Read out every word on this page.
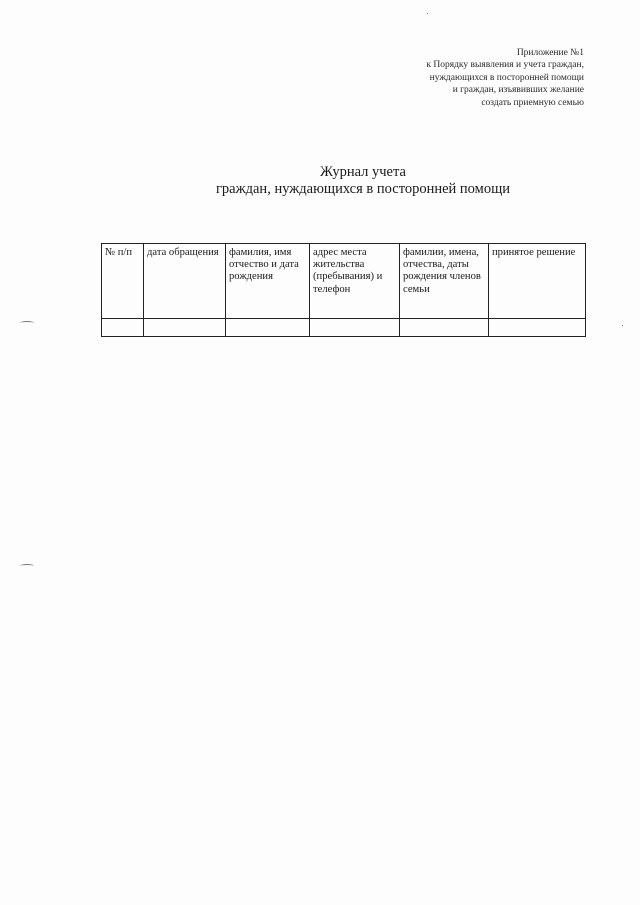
Приложение №1
к Порядку выявления и учета граждан,
нуждающихся в посторонней помощи
и граждан, изъявивших желание
создать приемную семью
Журнал учета
граждан, нуждающихся в посторонней помощи
№ п/п	дата обращения	фамилия, имя отчество и дата рождения	адрес места жительства (пребывания) и телефон	фамилии, имена, отчества, даты рождения членов семьи	принятое решение
